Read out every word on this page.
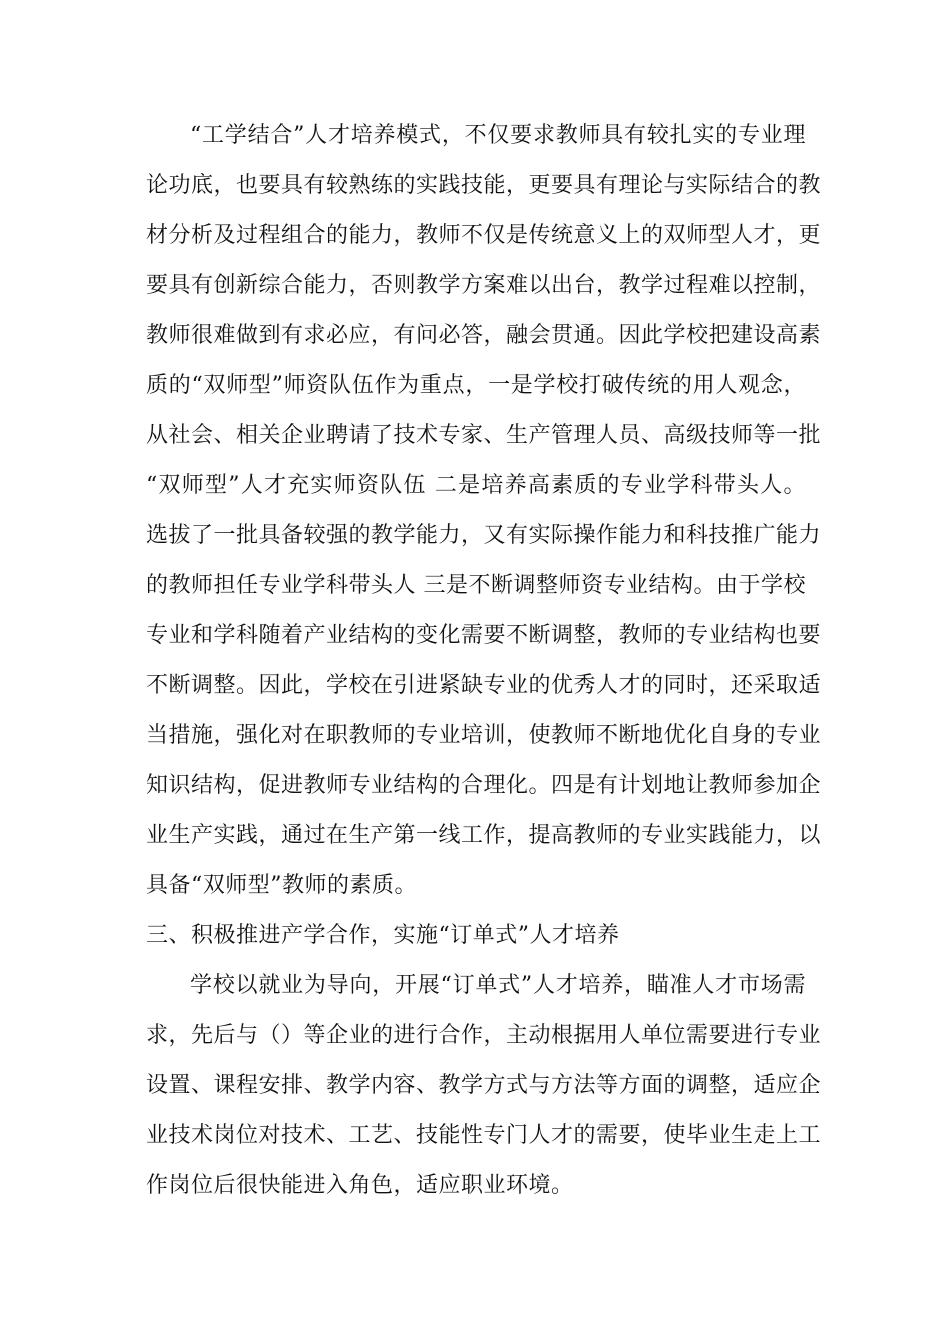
“工学结合”人才培养模式，不仅要求教师具有较扎实的专业理
论功底，也要具有较熟练的实践技能，更要具有理论与实际结合的教
材分析及过程组合的能力，教师不仅是传统意义上的双师型人才，更
要具有创新综合能力，否则教学方案难以出台，教学过程难以控制，
教师很难做到有求必应，有问必答，融会贯通。因此学校把建设高素
质的“双师型”师资队伍作为重点，一是学校打破传统的用人观念，
从社会、相关企业聘请了技术专家、生产管理人员、高级技师等一批
“双师型”人才充实师资队伍 二是培养高素质的专业学科带头人。
选拔了一批具备较强的教学能力，又有实际操作能力和科技推广能力
的教师担任专业学科带头人 三是不断调整师资专业结构。由于学校
专业和学科随着产业结构的变化需要不断调整，教师的专业结构也要
不断调整。因此，学校在引进紧缺专业的优秀人才的同时，还采取适
当措施，强化对在职教师的专业培训，使教师不断地优化自身的专业
知识结构，促进教师专业结构的合理化。四是有计划地让教师参加企
业生产实践，通过在生产第一线工作，提高教师的专业实践能力，以
具备“双师型”教师的素质。
三、积极推进产学合作，实施“订单式”人才培养
学校以就业为导向，开展“订单式”人才培养，瞄准人才市场需
求，先后与（）等企业的进行合作，主动根据用人单位需要进行专业
设置、课程安排、教学内容、教学方式与方法等方面的调整，适应企
业技术岗位对技术、工艺、技能性专门人才的需要，使毕业生走上工
作岗位后很快能进入角色，适应职业环境。
